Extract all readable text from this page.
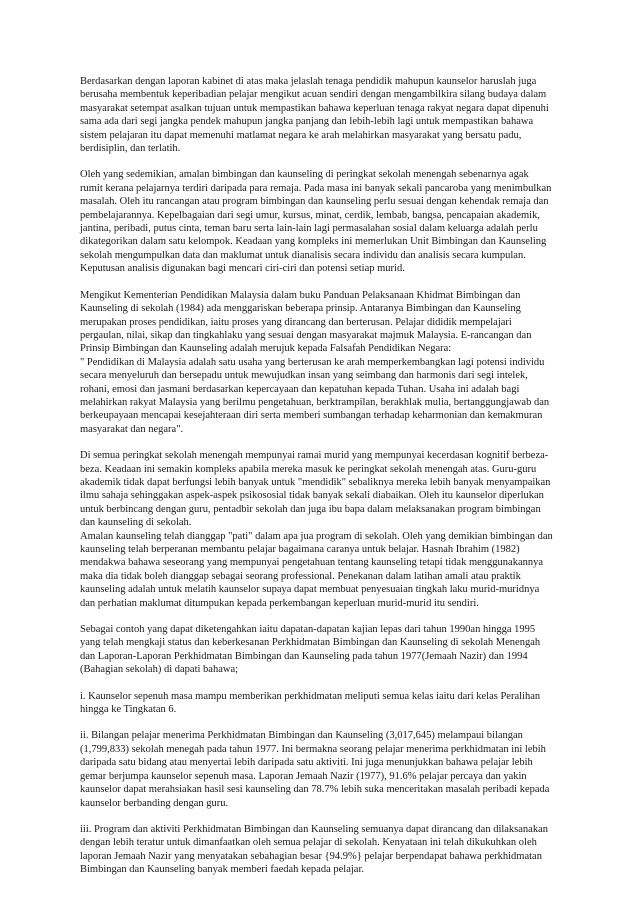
Berdasarkan dengan laporan kabinet di atas maka jelaslah tenaga pendidik mahupun kaunselor haruslah juga
berusaha membentuk keperibadian pelajar mengikut acuan sendiri dengan mengambilkira silang budaya dalam
masyarakat setempat asalkan tujuan untuk mempastikan bahawa keperluan tenaga rakyat negara dapat dipenuhi
sama ada dari segi jangka pendek mahupun jangka panjang dan lebih-lebih lagi untuk mempastikan bahawa
sistem pelajaran itu dapat memenuhi matlamat negara ke arah melahirkan masyarakat yang bersatu padu,
berdisiplin, dan terlatih.

Oleh yang sedemikian, amalan bimbingan dan kaunseling di peringkat sekolah menengah sebenarnya agak
rumit kerana pelajarnya terdiri daripada para remaja. Pada masa ini banyak sekali pancaroba yang menimbulkan
masalah. Oleh itu rancangan atau program bimbingan dan kaunseling perlu sesuai dengan kehendak remaja dan
pembelajarannya. Kepelbagaian dari segi umur, kursus, minat, cerdik, lembab, bangsa, pencapaian akademik,
jantina, peribadi, putus cinta, teman baru serta lain-lain lagi permasalahan sosial dalam keluarga adalah perlu
dikategorikan dalam satu kelompok. Keadaan yang kompleks ini memerlukan Unit Bimbingan dan Kaunseling
sekolah mengumpulkan data dan maklumat untuk dianalisis secara individu dan analisis secara kumpulan.
Keputusan analisis digunakan bagi mencari ciri-ciri dan potensi setiap murid.

Mengikut Kementerian Pendidikan Malaysia dalam buku Panduan Pelaksanaan Khidmat Bimbingan dan
Kaunseling di sekolah (1984) ada menggariskan beberapa prinsip. Antaranya Bimbingan dan Kaunseling
merupakan proses pendidikan, iaitu proses yang dirancang dan berterusan. Pelajar dididik mempelajari
pergaulan, nilai, sikap dan tingkahlaku yang sesuai dengan masyarakat majmuk Malaysia. E-rancangan dan
Prinsip Bimbingan dan Kaunseling adalah merujuk kepada Falsafah Pendidikan Negara:
" Pendidikan di Malaysia adalah satu usaha yang berterusan ke arah memperkembangkan lagi potensi individu
secara menyeluruh dan bersepadu untuk mewujudkan insan yang seimbang dan harmonis dari segi intelek,
rohani, emosi dan jasmani berdasarkan kepercayaan dan kepatuhan kepada Tuhan. Usaha ini adalah bagi
melahirkan rakyat Malaysia yang berilmu pengetahuan, berktrampilan, berakhlak mulia, bertanggungjawab dan
berkeupayaan mencapai kesejahteraan diri serta memberi sumbangan terhadap keharmonian dan kemakmuran
masyarakat dan negara".

Di semua peringkat sekolah menengah mempunyai ramai murid yang mempunyai kecerdasan kognitif berbeza-
beza. Keadaan ini semakin kompleks apabila mereka masuk ke peringkat sekolah menengah atas. Guru-guru
akademik tidak dapat berfungsi lebih banyak untuk "mendidik" sebaliknya mereka lebih banyak menyampaikan
ilmu sahaja sehinggakan aspek-aspek psikososial tidak banyak sekali diabaikan. Oleh itu kaunselor diperlukan
untuk berbincang dengan guru, pentadbir sekolah dan juga ibu bapa dalam melaksanakan program bimbingan
dan kaunseling di sekolah.
Amalan kaunseling telah dianggap "pati" dalam apa jua program di sekolah. Oleh yang demikian bimbingan dan
kaunseling telah berperanan membantu pelajar bagaimana caranya untuk belajar. Hasnah Ibrahim (1982)
mendakwa bahawa seseorang yang mempunyai pengetahuan tentang kaunseling tetapi tidak menggunakannya
maka dia tidak boleh dianggap sebagai seorang professional. Penekanan dalam latihan amali atau praktik
kaunseling adalah untuk melatih kaunselor supaya dapat membuat penyesuaian tingkah laku murid-muridnya
dan perhatian maklumat ditumpukan kepada perkembangan keperluan murid-murid itu sendiri.

Sebagai contoh yang dapat diketengahkan iaitu dapatan-dapatan kajian lepas dari tahun 1990an hingga 1995
yang telah mengkaji status dan keberkesanan Perkhidmatan Bimbingan dan Kaunseling di sekolah Menengah
dan Laporan-Laporan Perkhidmatan Bimbingan dan Kaunseling pada tahun 1977(Jemaah Nazir) dan 1994
(Bahagian sekolah) di dapati bahawa;

i. Kaunselor sepenuh masa mampu memberikan perkhidmatan meliputi semua kelas iaitu dari kelas Peralihan
hingga ke Tingkatan 6.

ii. Bilangan pelajar menerima Perkhidmatan Bimbingan dan Kaunseling (3,017,645) melampaui bilangan
(1,799,833) sekolah menegah pada tahun 1977. Ini bermakna seorang pelajar menerima perkhidmatan ini lebih
daripada satu bidang atau menyertai lebih daripada satu aktiviti. Ini juga menunjukkan bahawa pelajar lebih
gemar berjumpa kaunselor sepenuh masa. Laporan Jemaah Nazir (1977), 91.6% pelajar percaya dan yakin
kaunselor dapat merahsiakan hasil sesi kaunseling dan 78.7% lebih suka menceritakan masalah peribadi kepada
kaunselor berbanding dengan guru.

iii. Program dan aktiviti Perkhidmatan Bimbingan dan Kaunseling semuanya dapat dirancang dan dilaksanakan
dengan lebih teratur untuk dimanfaatkan oleh semua pelajar di sekolah. Kenyataan ini telah dikukuhkan oleh
laporan Jemaah Nazir yang menyatakan sebahagian besar {94.9%} pelajar berpendapat bahawa perkhidmatan
Bimbingan dan Kaunseling banyak memberi faedah kepada pelajar.
